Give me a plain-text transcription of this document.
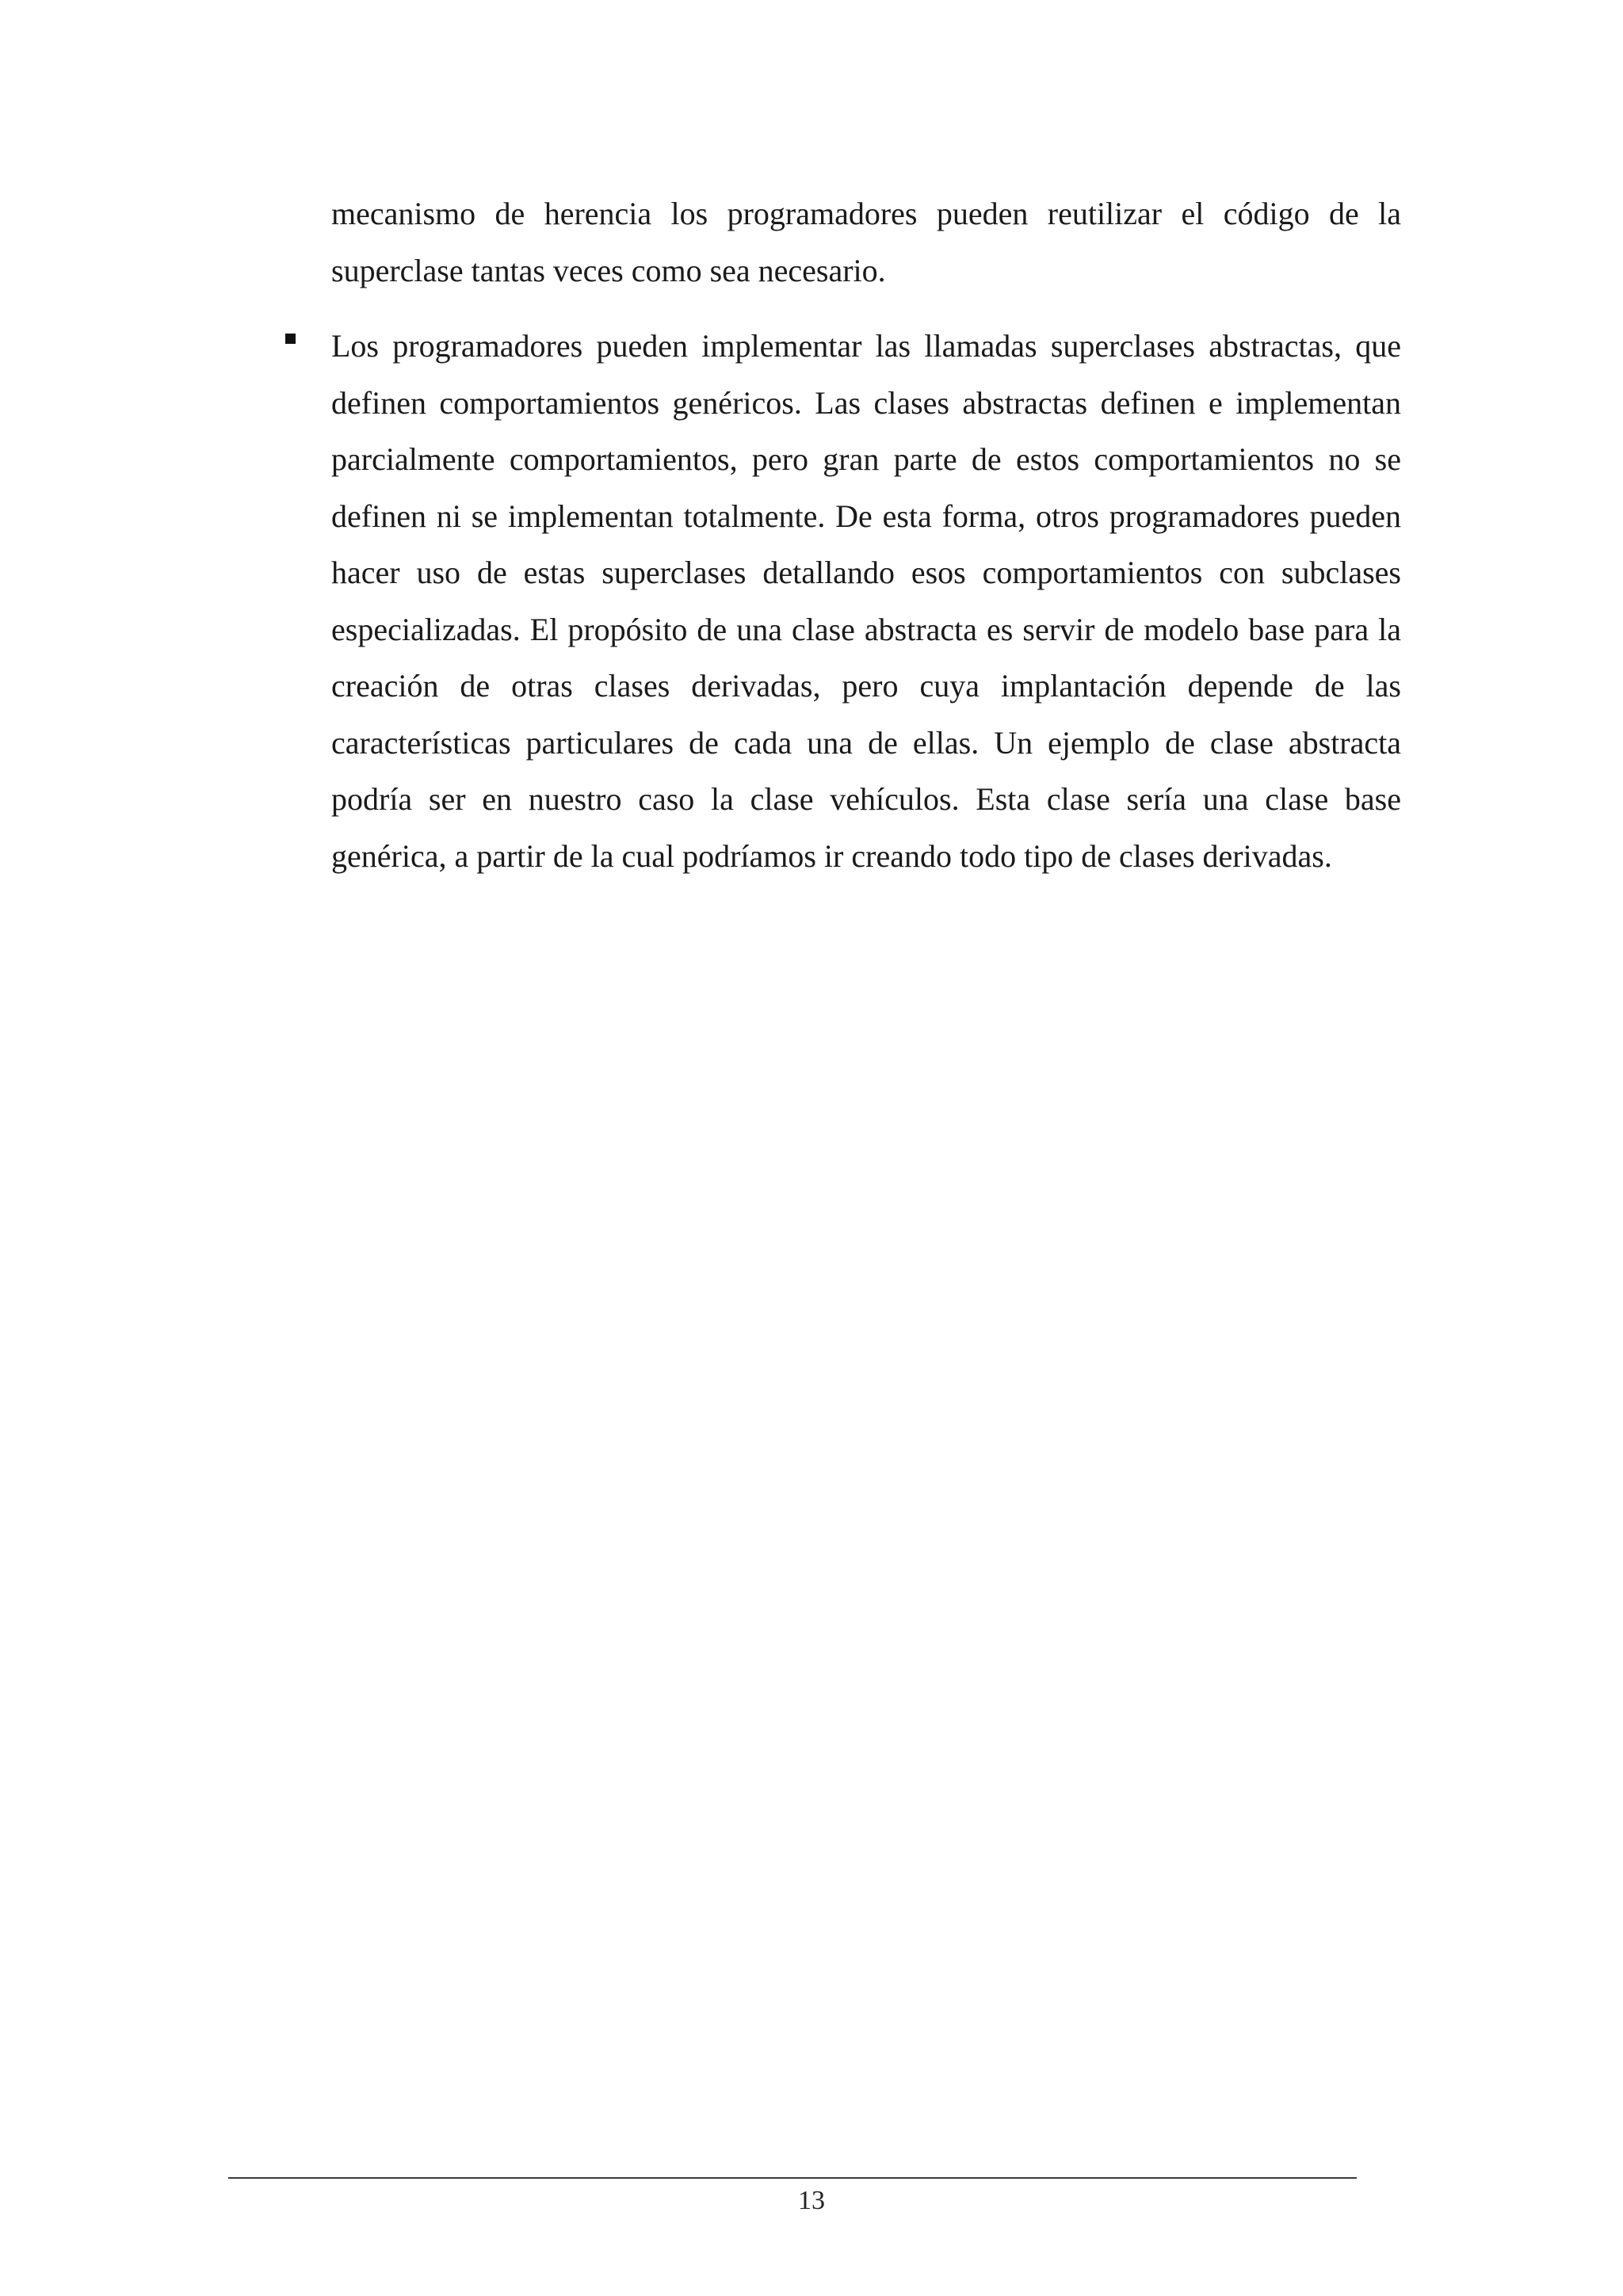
mecanismo de herencia los programadores pueden reutilizar el código de la superclase tantas veces como sea necesario.

Los programadores pueden implementar las llamadas superclases abstractas, que definen comportamientos genéricos. Las clases abstractas definen e implementan parcialmente comportamientos, pero gran parte de estos comportamientos no se definen ni se implementan totalmente. De esta forma, otros programadores pueden hacer uso de estas superclases detallando esos comportamientos con subclases especializadas. El propósito de una clase abstracta es servir de modelo base para la creación de otras clases derivadas, pero cuya implantación depende de las características particulares de cada una de ellas. Un ejemplo de clase abstracta podría ser en nuestro caso la clase vehículos. Esta clase sería una clase base genérica, a partir de la cual podríamos ir creando todo tipo de clases derivadas.

13
